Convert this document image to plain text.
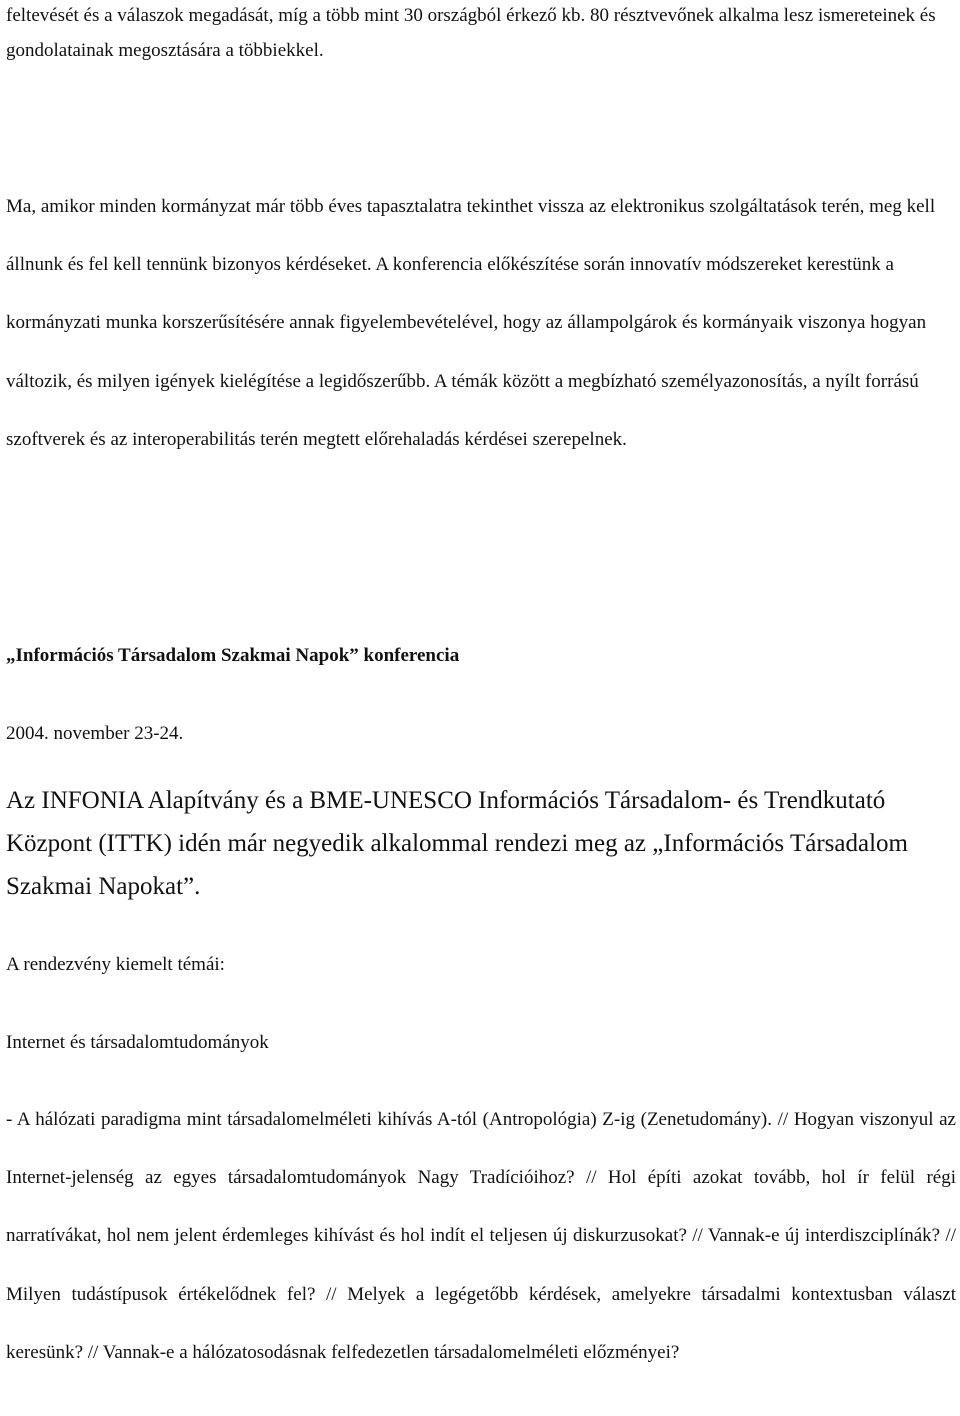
feltevését és a válaszok megadását, míg a több mint 30 országból érkező kb. 80 résztvevőnek alkalma lesz ismereteinek és gondolatainak megosztására a többiekkel.

Ma, amikor minden kormányzat már több éves tapasztalatra tekinthet vissza az elektronikus szolgáltatások terén, meg kell állnunk és fel kell tennünk bizonyos kérdéseket. A konferencia előkészítése során innovatív módszereket kerestünk a kormányzati munka korszerűsítésére annak figyelembevételével, hogy az állampolgárok és kormányaik viszonya hogyan változik, és milyen igények kielégítése a legidőszerűbb. A témák között a megbízható személyazonosítás, a nyílt forrású szoftverek és az interoperabilitás terén megtett előrehaladás kérdései szerepelnek.

„Információs Társadalom Szakmai Napok” konferencia

2004. november 23-24.

Az INFONIA Alapítvány és a BME-UNESCO Információs Társadalom- és Trendkutató Központ (ITTK) idén már negyedik alkalommal rendezi meg az „Információs Társadalom Szakmai Napokat”.

A rendezvény kiemelt témái:

Internet és társadalomtudományok

- A hálózati paradigma mint társadalomelméleti kihívás A-tól (Antropológia) Z-ig (Zenetudomány). // Hogyan viszonyul az Internet-jelenség az egyes társadalomtudományok Nagy Tradícióihoz? // Hol építi azokat tovább, hol ír felül régi narratívákat, hol nem jelent érdemleges kihívást és hol indít el teljesen új diskurzusokat? // Vannak-e új interdiszciplínák? // Milyen tudástípusok értékelődnek fel? // Melyek a legégetőbb kérdések, amelyekre társadalmi kontextusban választ keresünk? // Vannak-e a hálózatosodásnak felfedezetlen társadalomelméleti előzményei?
